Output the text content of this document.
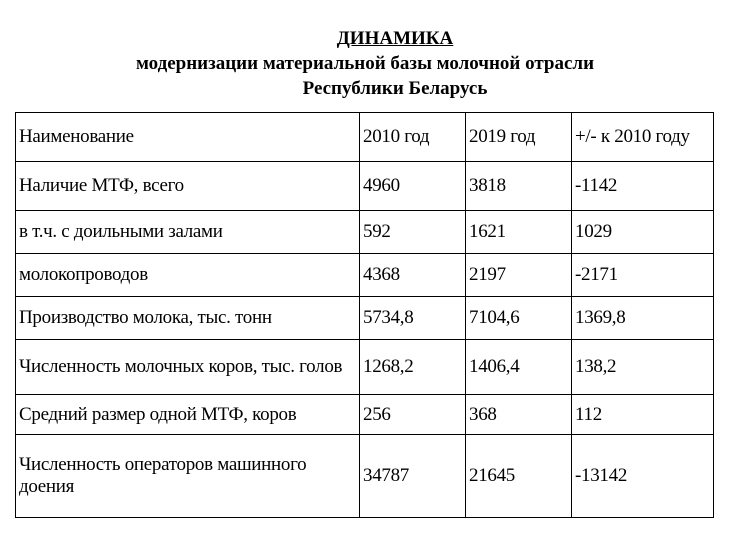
ДИНАМИКА
модернизации материальной базы молочной отрасли
Республики Беларусь
Наименование	2010 год	2019 год	+/- к 2010 году
Наличие МТФ, всего	4960	3818	-1142
в т.ч. с доильными залами	592	1621	1029
молокопроводов	4368	2197	-2171
Производство молока, тыс. тонн	5734,8	7104,6	1369,8
Численность молочных коров, тыс. голов	1268,2	1406,4	138,2
Средний размер одной МТФ, коров	256	368	112
Численность операторов машинного доения	34787	21645	-13142
